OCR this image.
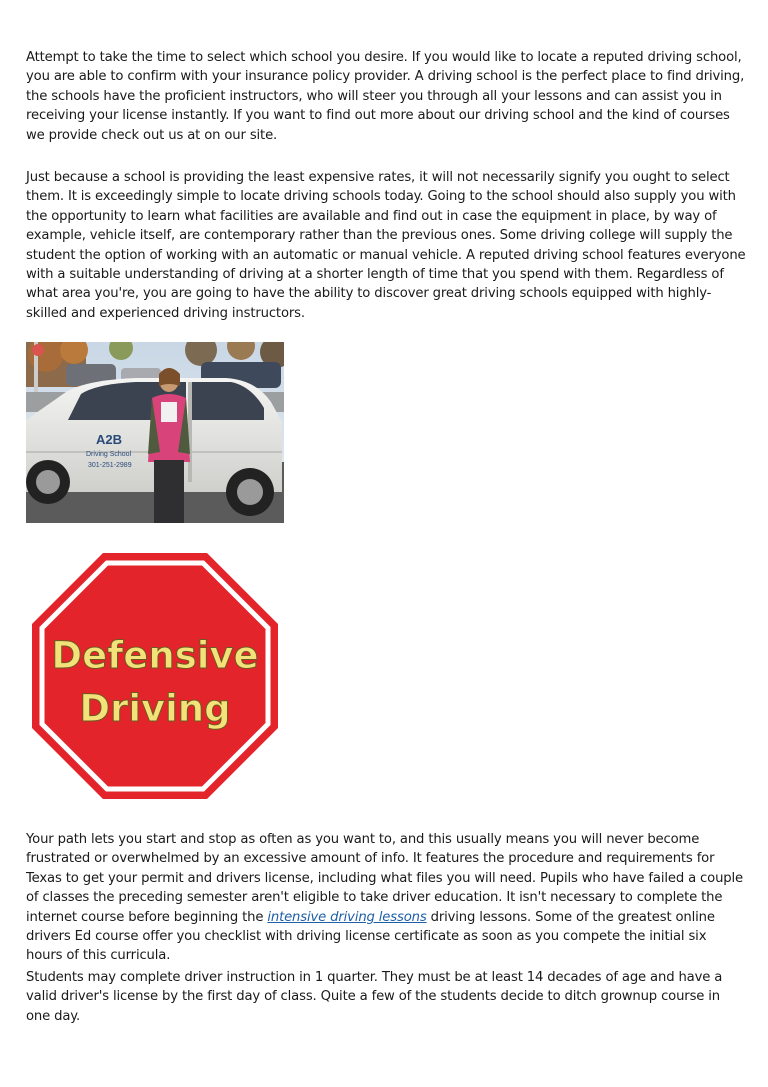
Attempt to take the time to select which school you desire. If you would like to locate a reputed driving school, you are able to confirm with your insurance policy provider. A driving school is the perfect place to find driving, the schools have the proficient instructors, who will steer you through all your lessons and can assist you in receiving your license instantly. If you want to find out more about our driving school and the kind of courses we provide check out us at on our site.

Just because a school is providing the least expensive rates, it will not necessarily signify you ought to select them. It is exceedingly simple to locate driving schools today. Going to the school should also supply you with the opportunity to learn what facilities are available and find out in case the equipment in place, by way of example, vehicle itself, are contemporary rather than the previous ones. Some driving college will supply the student the option of working with an automatic or manual vehicle. A reputed driving school features everyone with a suitable understanding of driving at a shorter length of time that you spend with them. Regardless of what area you're, you are going to have the ability to discover great driving schools equipped with highly-skilled and experienced driving instructors.

Your path lets you start and stop as often as you want to, and this usually means you will never become frustrated or overwhelmed by an excessive amount of info. It features the procedure and requirements for Texas to get your permit and drivers license, including what files you will need. Pupils who have failed a couple of classes the preceding semester aren't eligible to take driver education. It isn't necessary to complete the internet course before beginning the intensive driving lessons driving lessons. Some of the greatest online drivers Ed course offer you checklist with driving license certificate as soon as you compete the initial six hours of this curricula.

Students may complete driver instruction in 1 quarter. They must be at least 14 decades of age and have a valid driver's license by the first day of class. Quite a few of the students decide to ditch grownup course in one day.

A2B
Driving School
301-251-2989
Defensive
Driving
